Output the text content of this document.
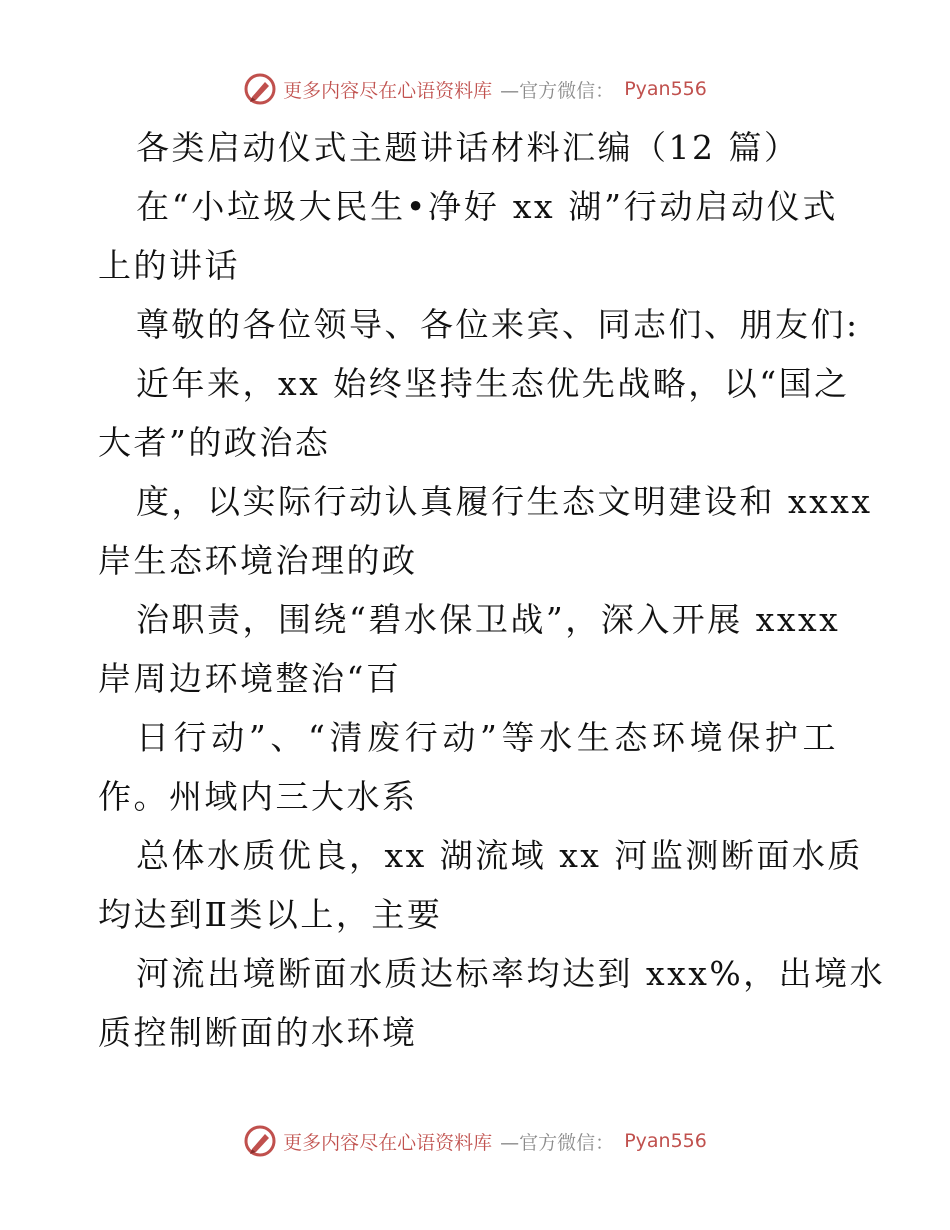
更多内容尽在心语资料库 —官方微信： Pyan556
各类启动仪式主题讲话材料汇编（12 篇）
在“小垃圾大民生•净好 xx 湖”行动启动仪式
上的讲话
尊敬的各位领导、各位来宾、同志们、朋友们:
近年来，xx 始终坚持生态优先战略，以“国之
大者”的政治态
度，以实际行动认真履行生态文明建设和 xxxx
岸生态环境治理的政
治职责，围绕“碧水保卫战”，深入开展 xxxx
岸周边环境整治“百
日行动”、“清废行动”等水生态环境保护工
作。州域内三大水系
总体水质优良，xx 湖流域 xx 河监测断面水质
均达到Ⅱ类以上，主要
河流出境断面水质达标率均达到 xxx%，出境水
质控制断面的水环境
更多内容尽在心语资料库 —官方微信： Pyan556
